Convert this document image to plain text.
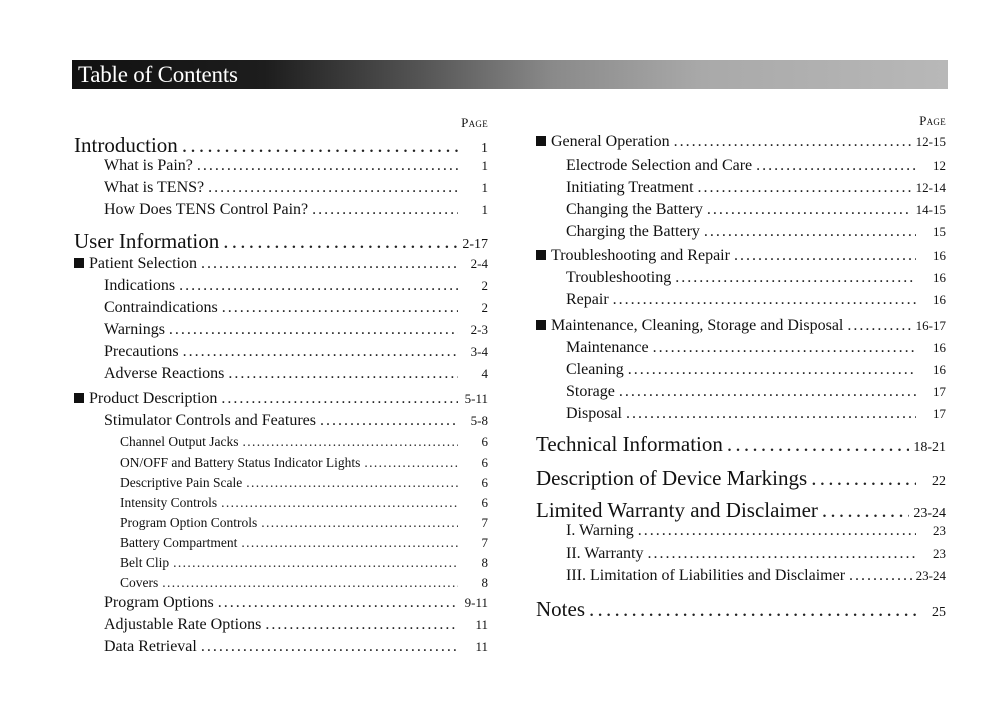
Table of Contents
Page
Introduction . . .	1
What is Pain? . . .	1
What is TENS? . . .	1
How Does TENS Control Pain? . . .	1
User Information . . .	2-17
Patient Selection . . .	2-4
Indications . . .	2
Contraindications . . .	2
Warnings . . .	2-3
Precautions . . .	3-4
Adverse Reactions . . .	4
Product Description . . .	5-11
Stimulator Controls and Features . . .	5-8
Channel Output Jacks . . .	6
ON/OFF and Battery Status Indicator Lights . . .	6
Descriptive Pain Scale . . .	6
Intensity Controls . . .	6
Program Option Controls . . .	7
Battery Compartment . . .	7
Belt Clip . . .	8
Covers . . .	8
Program Options . . .	9-11
Adjustable Rate Options . . .	11
Data Retrieval . . .	11
Page
General Operation . . .	12-15
Electrode Selection and Care . . .	12
Initiating Treatment . . .	12-14
Changing the Battery . . .	14-15
Charging the Battery . . .	15
Troubleshooting and Repair . . .	16
Troubleshooting . . .	16
Repair . . .	16
Maintenance, Cleaning, Storage and Disposal . . .	16-17
Maintenance . . .	16
Cleaning . . .	16
Storage . . .	17
Disposal . . .	17
Technical Information . . .	18-21
Description of Device Markings . . .	22
Limited Warranty and Disclaimer . . .	23-24
I. Warning . . .	23
II. Warranty . . .	23
III. Limitation of Liabilities and Disclaimer . . .	23-24
Notes . . .	25
